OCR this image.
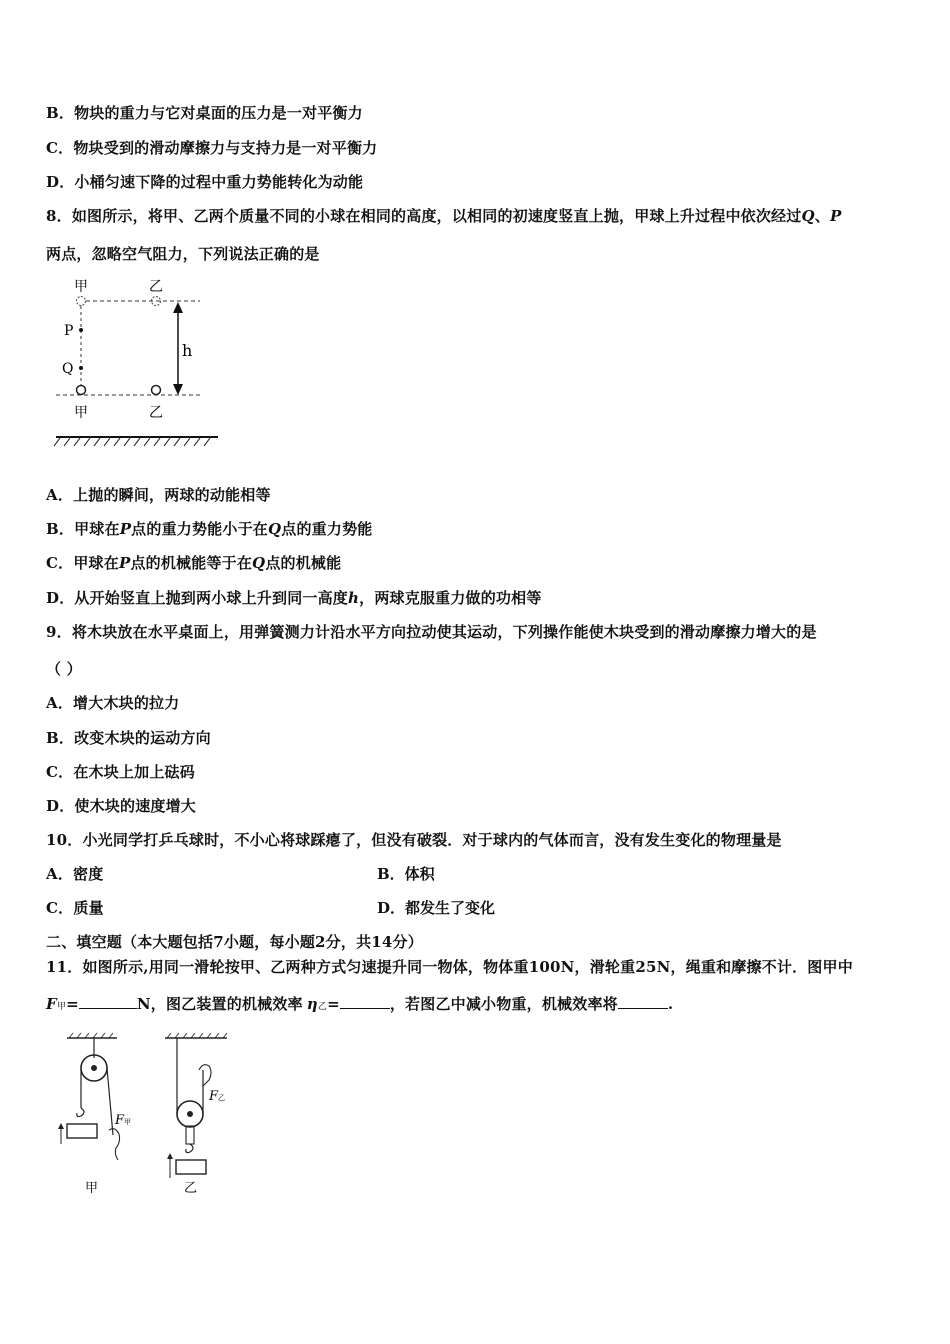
B．物块的重力与它对桌面的压力是一对平衡力
C．物块受到的滑动摩擦力与支持力是一对平衡力
D．小桶匀速下降的过程中重力势能转化为动能
8．如图所示，将甲、乙两个质量不同的小球在相同的高度，以相同的初速度竖直上抛，甲球上升过程中依次经过Q、P
两点，忽略空气阻力，下列说法正确的是
甲	乙
P
Q
h
甲	乙
A．上抛的瞬间，两球的动能相等
B．甲球在P点的重力势能小于在Q点的重力势能
C．甲球在P点的机械能等于在Q点的机械能
D．从开始竖直上抛到两小球上升到同一高度h，两球克服重力做的功相等
9．将木块放在水平桌面上，用弹簧测力计沿水平方向拉动使其运动，下列操作能使木块受到的滑动摩擦力增大的是
（ ）
A．增大木块的拉力
B．改变木块的运动方向
C．在木块上加上砝码
D．使木块的速度增大
10．小光同学打乒乓球时，不小心将球踩瘪了，但没有破裂．对于球内的气体而言，没有发生变化的物理量是
A．密度	B．体积
C．质量	D．都发生了变化
二、填空题（本大题包括7小题，每小题2分，共14分）
11．如图所示,用同一滑轮按甲、乙两种方式匀速提升同一物体，物体重100N，滑轮重25N，绳重和摩擦不计．图甲中
F甲=	N，图乙装置的机械效率 η乙=	，若图乙中减小物重，机械效率将	.
F甲
甲
F乙
乙
